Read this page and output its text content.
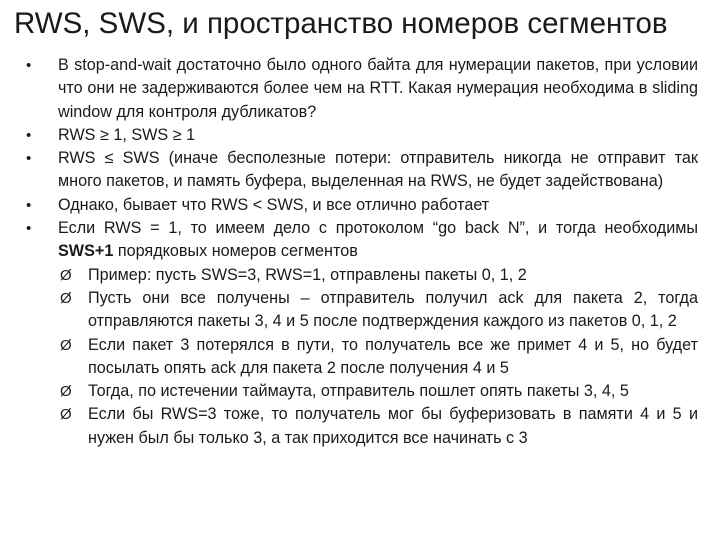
RWS, SWS, и пространство номеров сегментов
• В stop-and-wait достаточно было одного байта для нумерации пакетов, при условии что они не задерживаются более чем на RTT. Какая нумерация необходима в sliding window для контроля дубликатов?
• RWS ≥ 1, SWS ≥ 1
• RWS ≤ SWS (иначе бесполезные потери: отправитель никогда не отправит так много пакетов, и память буфера, выделенная на RWS, не будет задействована)
• Однако, бывает что RWS < SWS, и все отлично работает
• Если RWS = 1, то имеем дело с протоколом “go back N”, и тогда необходимы SWS+1 порядковых номеров сегментов
Ø Пример: пусть SWS=3, RWS=1, отправлены пакеты 0, 1, 2
Ø Пусть они все получены – отправитель получил ack для пакета 2, тогда отправляются пакеты 3, 4 и 5 после подтверждения каждого из пакетов 0, 1, 2
Ø Если пакет 3 потерялся в пути, то получатель все же примет 4 и 5, но будет посылать опять ack для пакета 2 после получения 4 и 5
Ø Тогда, по истечении таймаута, отправитель пошлет опять пакеты 3, 4, 5
Ø Если бы RWS=3 тоже, то получатель мог бы буферизовать в памяти 4 и 5 и нужен был бы только 3, а так приходится все начинать с 3
